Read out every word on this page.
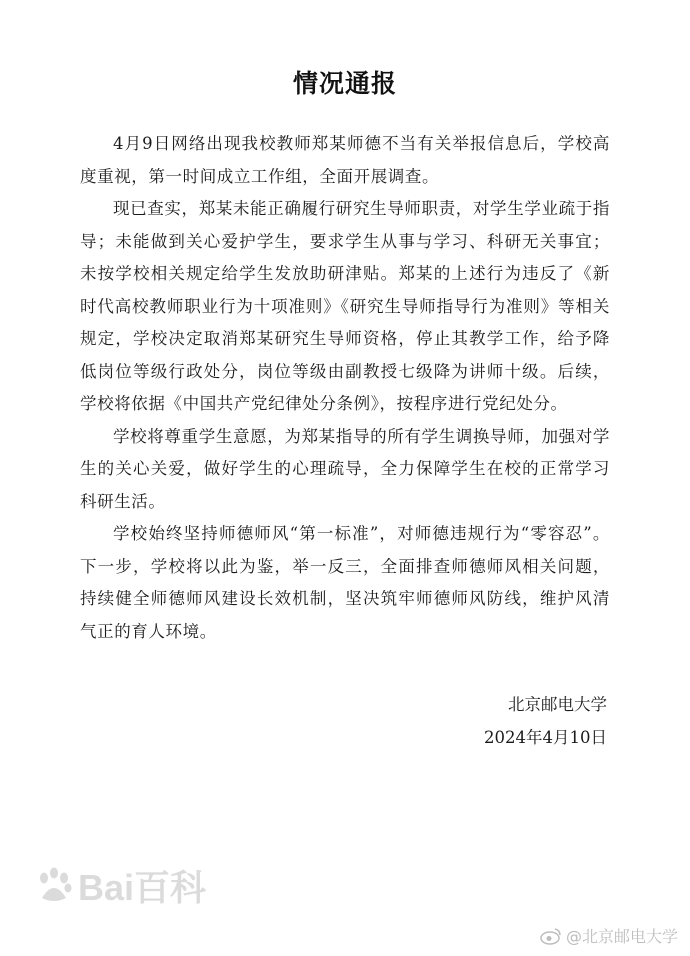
情况通报

4月9日网络出现我校教师郑某师德不当有关举报信息后，学校高度重视，第一时间成立工作组，全面开展调查。

现已查实，郑某未能正确履行研究生导师职责，对学生学业疏于指导；未能做到关心爱护学生，要求学生从事与学习、科研无关事宜；未按学校相关规定给学生发放助研津贴。郑某的上述行为违反了《新时代高校教师职业行为十项准则》《研究生导师指导行为准则》等相关规定，学校决定取消郑某研究生导师资格，停止其教学工作，给予降低岗位等级行政处分，岗位等级由副教授七级降为讲师十级。后续，学校将依据《中国共产党纪律处分条例》，按程序进行党纪处分。

学校将尊重学生意愿，为郑某指导的所有学生调换导师，加强对学生的关心关爱，做好学生的心理疏导，全力保障学生在校的正常学习科研生活。

学校始终坚持师德师风“第一标准”，对师德违规行为“零容忍”。下一步，学校将以此为鉴，举一反三，全面排查师德师风相关问题，持续健全师德师风建设长效机制，坚决筑牢师德师风防线，维护风清气正的育人环境。

北京邮电大学
2024年4月10日
Bai百科
@北京邮电大学
